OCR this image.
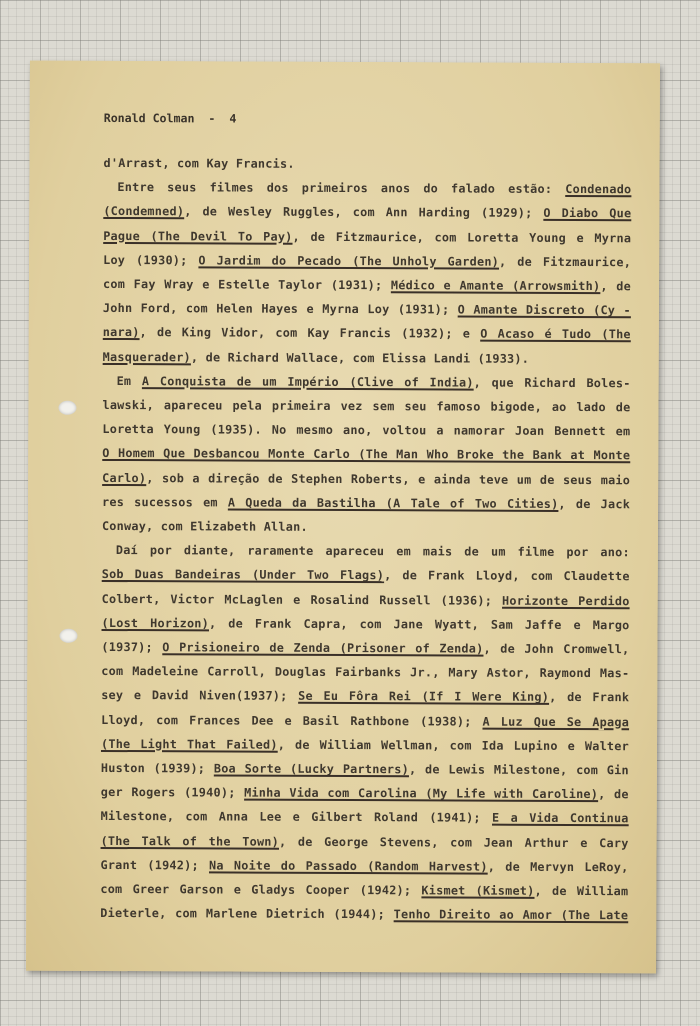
Ronald Colman  -  4
d'Arrast, com Kay Francis.
Entre seus filmes dos primeiros anos do falado estão: Condenado
(Condemned), de Wesley Ruggles, com Ann Harding (1929); O Diabo Que
Pague (The Devil To Pay), de Fitzmaurice, com Loretta Young e Myrna
Loy (1930); O Jardim do Pecado (The Unholy Garden), de Fitzmaurice,
com Fay Wray e Estelle Taylor (1931); Médico e Amante (Arrowsmith), de
John Ford, com Helen Hayes e Myrna Loy (1931); O Amante Discreto (Cy -
nara), de King Vidor, com Kay Francis (1932); e O Acaso é Tudo (The
Masquerader), de Richard Wallace, com Elissa Landi (1933).
Em A Conquista de um Império (Clive of India), que Richard Boles-
lawski, apareceu pela primeira vez sem seu famoso bigode, ao lado de
Loretta Young (1935). No mesmo ano, voltou a namorar Joan Bennett em
O Homem Que Desbancou Monte Carlo (The Man Who Broke the Bank at Monte
Carlo), sob a direção de Stephen Roberts, e ainda teve um de seus maio
res sucessos em A Queda da Bastilha (A Tale of Two Cities), de Jack
Conway, com Elizabeth Allan.
Daí por diante, raramente apareceu em mais de um filme por ano:
Sob Duas Bandeiras (Under Two Flags), de Frank Lloyd, com Claudette
Colbert, Victor McLaglen e Rosalind Russell (1936); Horizonte Perdido
(Lost Horizon), de Frank Capra, com Jane Wyatt, Sam Jaffe e Margo
(1937); O Prisioneiro de Zenda (Prisoner of Zenda), de John Cromwell,
com Madeleine Carroll, Douglas Fairbanks Jr., Mary Astor, Raymond Mas-
sey e David Niven(1937); Se Eu Fôra Rei (If I Were King), de Frank
Lloyd, com Frances Dee e Basil Rathbone (1938); A Luz Que Se Apaga
(The Light That Failed), de William Wellman, com Ida Lupino e Walter
Huston (1939); Boa Sorte (Lucky Partners), de Lewis Milestone, com Gin
ger Rogers (1940); Minha Vida com Carolina (My Life with Caroline), de
Milestone, com Anna Lee e Gilbert Roland (1941); E a Vida Continua
(The Talk of the Town), de George Stevens, com Jean Arthur e Cary
Grant (1942); Na Noite do Passado (Random Harvest), de Mervyn LeRoy,
com Greer Garson e Gladys Cooper (1942); Kismet (Kismet), de William
Dieterle, com Marlene Dietrich (1944); Tenho Direito ao Amor (The Late
